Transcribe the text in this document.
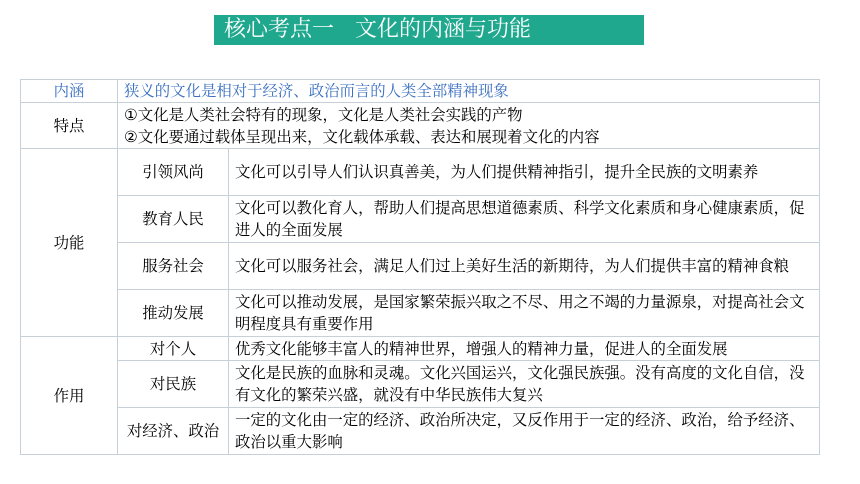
核心考点一   文化的内涵与功能
内涵	狭义的文化是相对于经济、政治而言的人类全部精神现象	
特点	①文化是人类社会特有的现象，文化是人类社会实践的产物
②文化要通过载体呈现出来，文化载体承载、表达和展现着文化的内容	

功能	引领风尚	文化可以引导人们认识真善美，为人们提供精神指引，提升全民族的文明素养
	教育人民	文化可以教化育人，帮助人们提高思想道德素质、科学文化素质和身心健康素质，促进人的全面发展
	服务社会	文化可以服务社会，满足人们过上美好生活的新期待，为人们提供丰富的精神食粮
	推动发展	文化可以推动发展，是国家繁荣振兴取之不尽、用之不竭的力量源泉，对提高社会文明程度具有重要作用
作用	对个人	优秀文化能够丰富人的精神世界，增强人的精神力量，促进人的全面发展
	对民族	文化是民族的血脉和灵魂。文化兴国运兴，文化强民族强。没有高度的文化自信，没有文化的繁荣兴盛，就没有中华民族伟大复兴
	对经济、政治	一定的文化由一定的经济、政治所决定，又反作用于一定的经济、政治，给予经济、政治以重大影响
